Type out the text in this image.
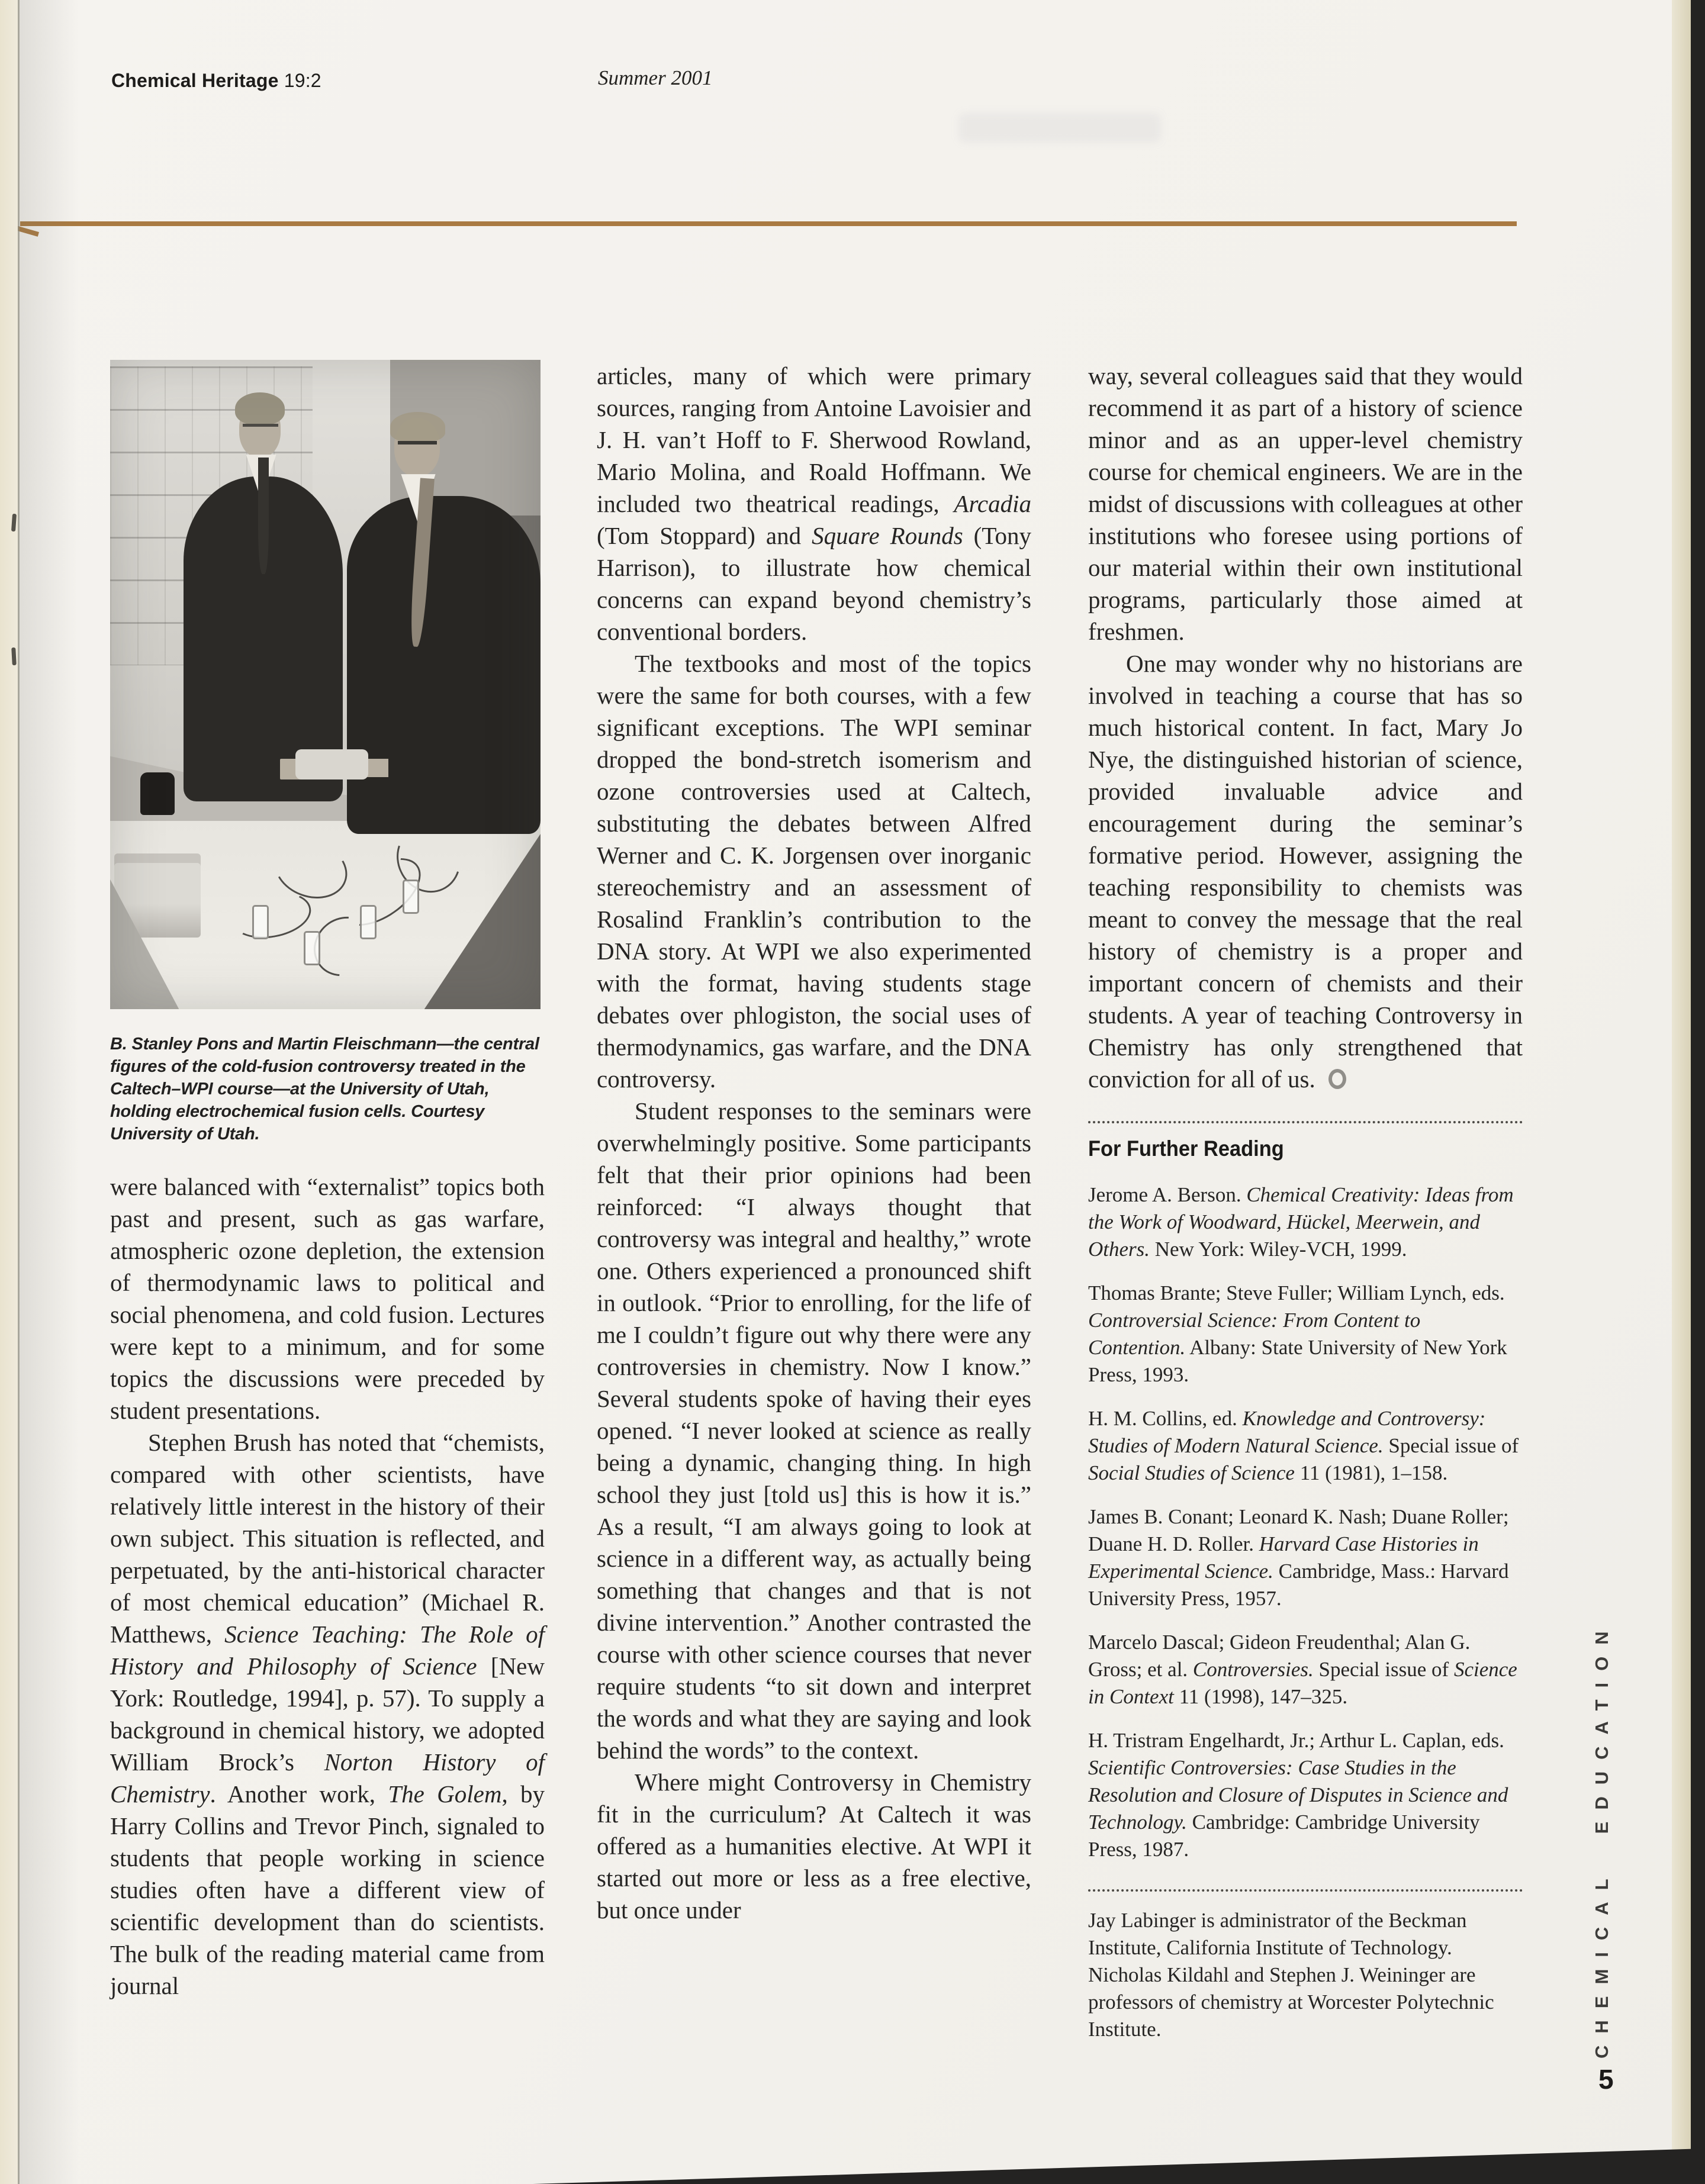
Chemical Heritage 19:2	Summer 2001
B. Stanley Pons and Martin Fleischmann—the central figures of the cold-fusion controversy treated in the Caltech–WPI course—at the University of Utah, holding electrochemical fusion cells. Courtesy University of Utah.

were balanced with “externalist” topics both past and present, such as gas warfare, atmospheric ozone depletion, the extension of thermodynamic laws to political and social phenomena, and cold fusion. Lectures were kept to a minimum, and for some topics the discussions were preceded by student presentations.

Stephen Brush has noted that “chemists, compared with other scientists, have relatively little interest in the history of their own subject. This situation is reflected, and perpetuated, by the anti-historical character of most chemical education” (Michael R. Matthews, Science Teaching: The Role of History and Philosophy of Science [New York: Routledge, 1994], p. 57). To supply a background in chemical history, we adopted William Brock’s Norton History of Chemistry. Another work, The Golem, by Harry Collins and Trevor Pinch, signaled to students that people working in science studies often have a different view of scientific development than do scientists. The bulk of the reading material came from journal

articles, many of which were primary sources, ranging from Antoine Lavoisier and J. H. van’t Hoff to F. Sherwood Rowland, Mario Molina, and Roald Hoffmann. We included two theatrical readings, Arcadia (Tom Stoppard) and Square Rounds (Tony Harrison), to illustrate how chemical concerns can expand beyond chemistry’s conventional borders.

The textbooks and most of the topics were the same for both courses, with a few significant exceptions. The WPI seminar dropped the bond-stretch isomerism and ozone controversies used at Caltech, substituting the debates between Alfred Werner and C. K. Jorgensen over inorganic stereochemistry and an assessment of Rosalind Franklin’s contribution to the DNA story. At WPI we also experimented with the format, having students stage debates over phlogiston, the social uses of thermodynamics, gas warfare, and the DNA controversy.

Student responses to the seminars were overwhelmingly positive. Some participants felt that their prior opinions had been reinforced: “I always thought that controversy was integral and healthy,” wrote one. Others experienced a pronounced shift in outlook. “Prior to enrolling, for the life of me I couldn’t figure out why there were any controversies in chemistry. Now I know.” Several students spoke of having their eyes opened. “I never looked at science as really being a dynamic, changing thing. In high school they just [told us] this is how it is.” As a result, “I am always going to look at science in a different way, as actually being something that changes and that is not divine intervention.” Another contrasted the course with other science courses that never require students “to sit down and interpret the words and what they are saying and look behind the words” to the context.

Where might Controversy in Chemistry fit in the curriculum? At Caltech it was offered as a humanities elective. At WPI it started out more or less as a free elective, but once under

way, several colleagues said that they would recommend it as part of a history of science minor and as an upper-level chemistry course for chemical engineers. We are in the midst of discussions with colleagues at other institutions who foresee using portions of our material within their own institutional programs, particularly those aimed at freshmen.

One may wonder why no historians are involved in teaching a course that has so much historical content. In fact, Mary Jo Nye, the distinguished historian of science, provided invaluable advice and encouragement during the seminar’s formative period. However, assigning the teaching responsibility to chemists was meant to convey the message that the real history of chemistry is a proper and important concern of chemists and their students. A year of teaching Controversy in Chemistry has only strengthened that conviction for all of us.

For Further Reading

Jerome A. Berson. Chemical Creativity: Ideas from the Work of Woodward, Hückel, Meerwein, and Others. New York: Wiley-VCH, 1999.

Thomas Brante; Steve Fuller; William Lynch, eds. Controversial Science: From Content to Contention. Albany: State University of New York Press, 1993.

H. M. Collins, ed. Knowledge and Controversy: Studies of Modern Natural Science. Special issue of Social Studies of Science 11 (1981), 1–158.

James B. Conant; Leonard K. Nash; Duane Roller; Duane H. D. Roller. Harvard Case Histories in Experimental Science. Cambridge, Mass.: Harvard University Press, 1957.

Marcelo Dascal; Gideon Freudenthal; Alan G. Gross; et al. Controversies. Special issue of Science in Context 11 (1998), 147–325.

H. Tristram Engelhardt, Jr.; Arthur L. Caplan, eds. Scientific Controversies: Case Studies in the Resolution and Closure of Disputes in Science and Technology. Cambridge: Cambridge University Press, 1987.

Jay Labinger is administrator of the Beckman Institute, California Institute of Technology. Nicholas Kildahl and Stephen J. Weininger are professors of chemistry at Worcester Polytechnic Institute.	CHEMICAL EDUCATION
5
